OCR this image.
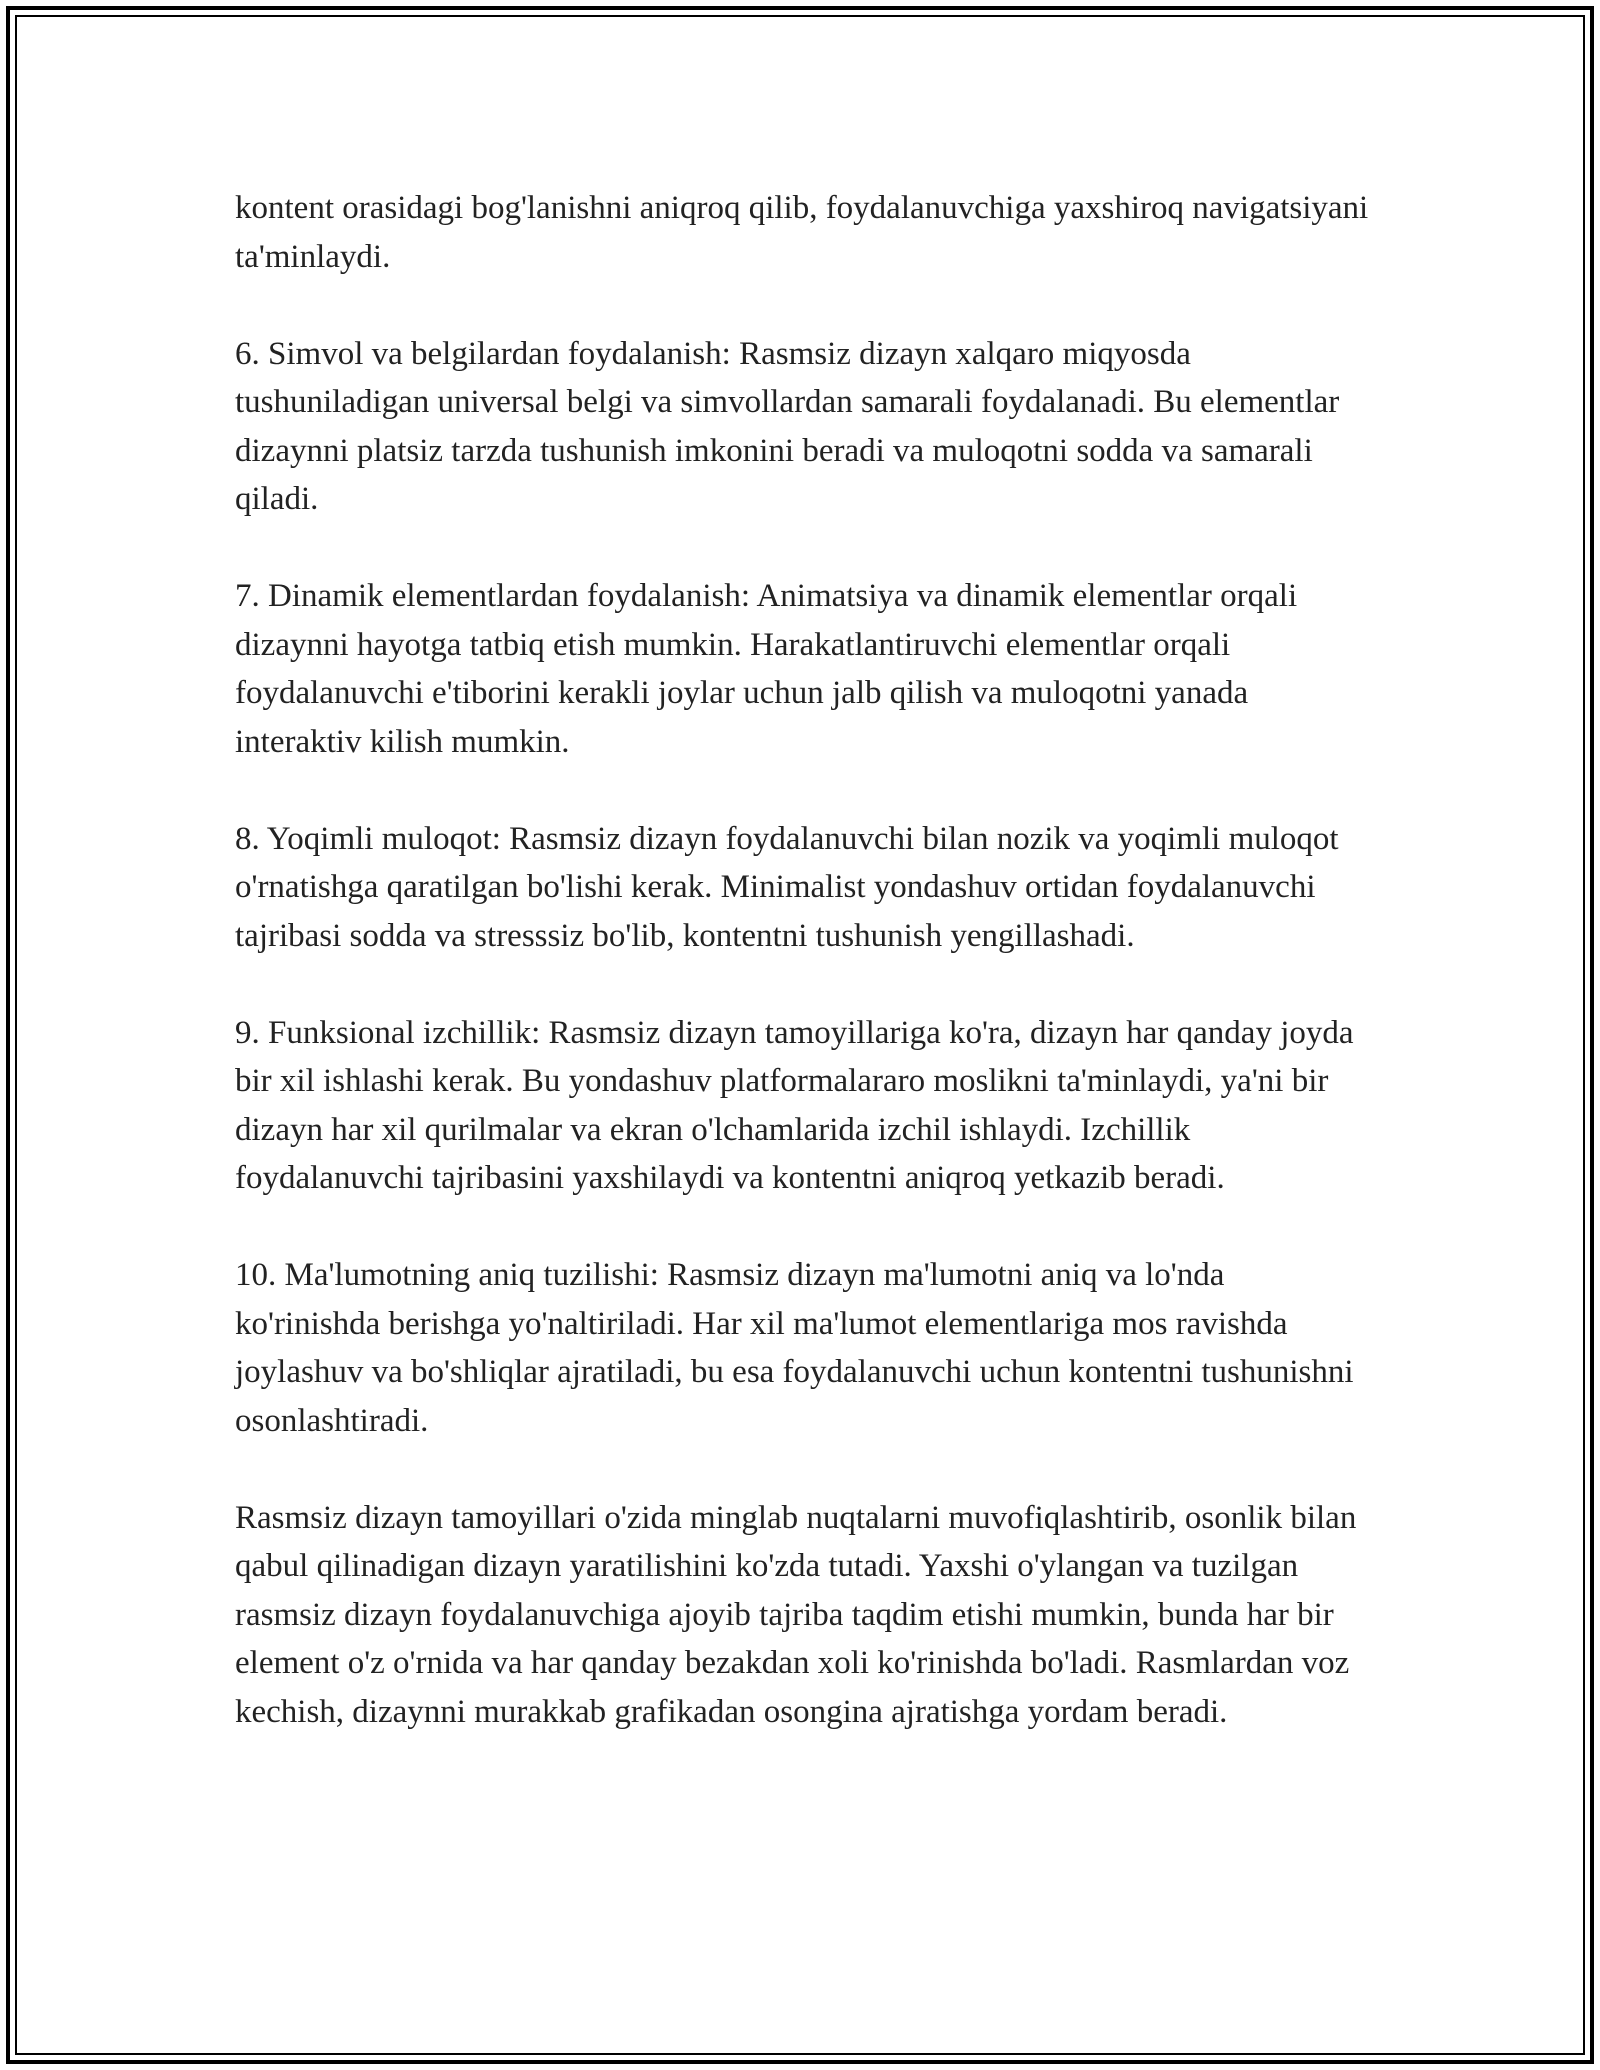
kontent orasidagi bog'lanishni aniqroq qilib, foydalanuvchiga yaxshiroq navigatsiyani ta'minlaydi.

6. Simvol va belgilardan foydalanish: Rasmsiz dizayn xalqaro miqyosda tushuniladigan universal belgi va simvollardan samarali foydalanadi. Bu elementlar dizaynni platsiz tarzda tushunish imkonini beradi va muloqotni sodda va samarali qiladi.

7. Dinamik elementlardan foydalanish: Animatsiya va dinamik elementlar orqali dizaynni hayotga tatbiq etish mumkin. Harakatlantiruvchi elementlar orqali foydalanuvchi e'tiborini kerakli joylar uchun jalb qilish va muloqotni yanada interaktiv kilish mumkin.

8. Yoqimli muloqot: Rasmsiz dizayn foydalanuvchi bilan nozik va yoqimli muloqot o'rnatishga qaratilgan bo'lishi kerak. Minimalist yondashuv ortidan foydalanuvchi tajribasi sodda va stresssiz bo'lib, kontentni tushunish yengillashadi.

9. Funksional izchillik: Rasmsiz dizayn tamoyillariga ko'ra, dizayn har qanday joyda bir xil ishlashi kerak. Bu yondashuv platformalararo moslikni ta'minlaydi, ya'ni bir dizayn har xil qurilmalar va ekran o'lchamlarida izchil ishlaydi. Izchillik foydalanuvchi tajribasini yaxshilaydi va kontentni aniqroq yetkazib beradi.

10. Ma'lumotning aniq tuzilishi: Rasmsiz dizayn ma'lumotni aniq va lo'nda ko'rinishda berishga yo'naltiriladi. Har xil ma'lumot elementlariga mos ravishda joylashuv va bo'shliqlar ajratiladi, bu esa foydalanuvchi uchun kontentni tushunishni osonlashtiradi.

Rasmsiz dizayn tamoyillari o'zida minglab nuqtalarni muvofiqlashtirib, osonlik bilan qabul qilinadigan dizayn yaratilishini ko'zda tutadi. Yaxshi o'ylangan va tuzilgan rasmsiz dizayn foydalanuvchiga ajoyib tajriba taqdim etishi mumkin, bunda har bir element o'z o'rnida va har qanday bezakdan xoli ko'rinishda bo'ladi. Rasmlardan voz kechish, dizaynni murakkab grafikadan osongina ajratishga yordam beradi.
